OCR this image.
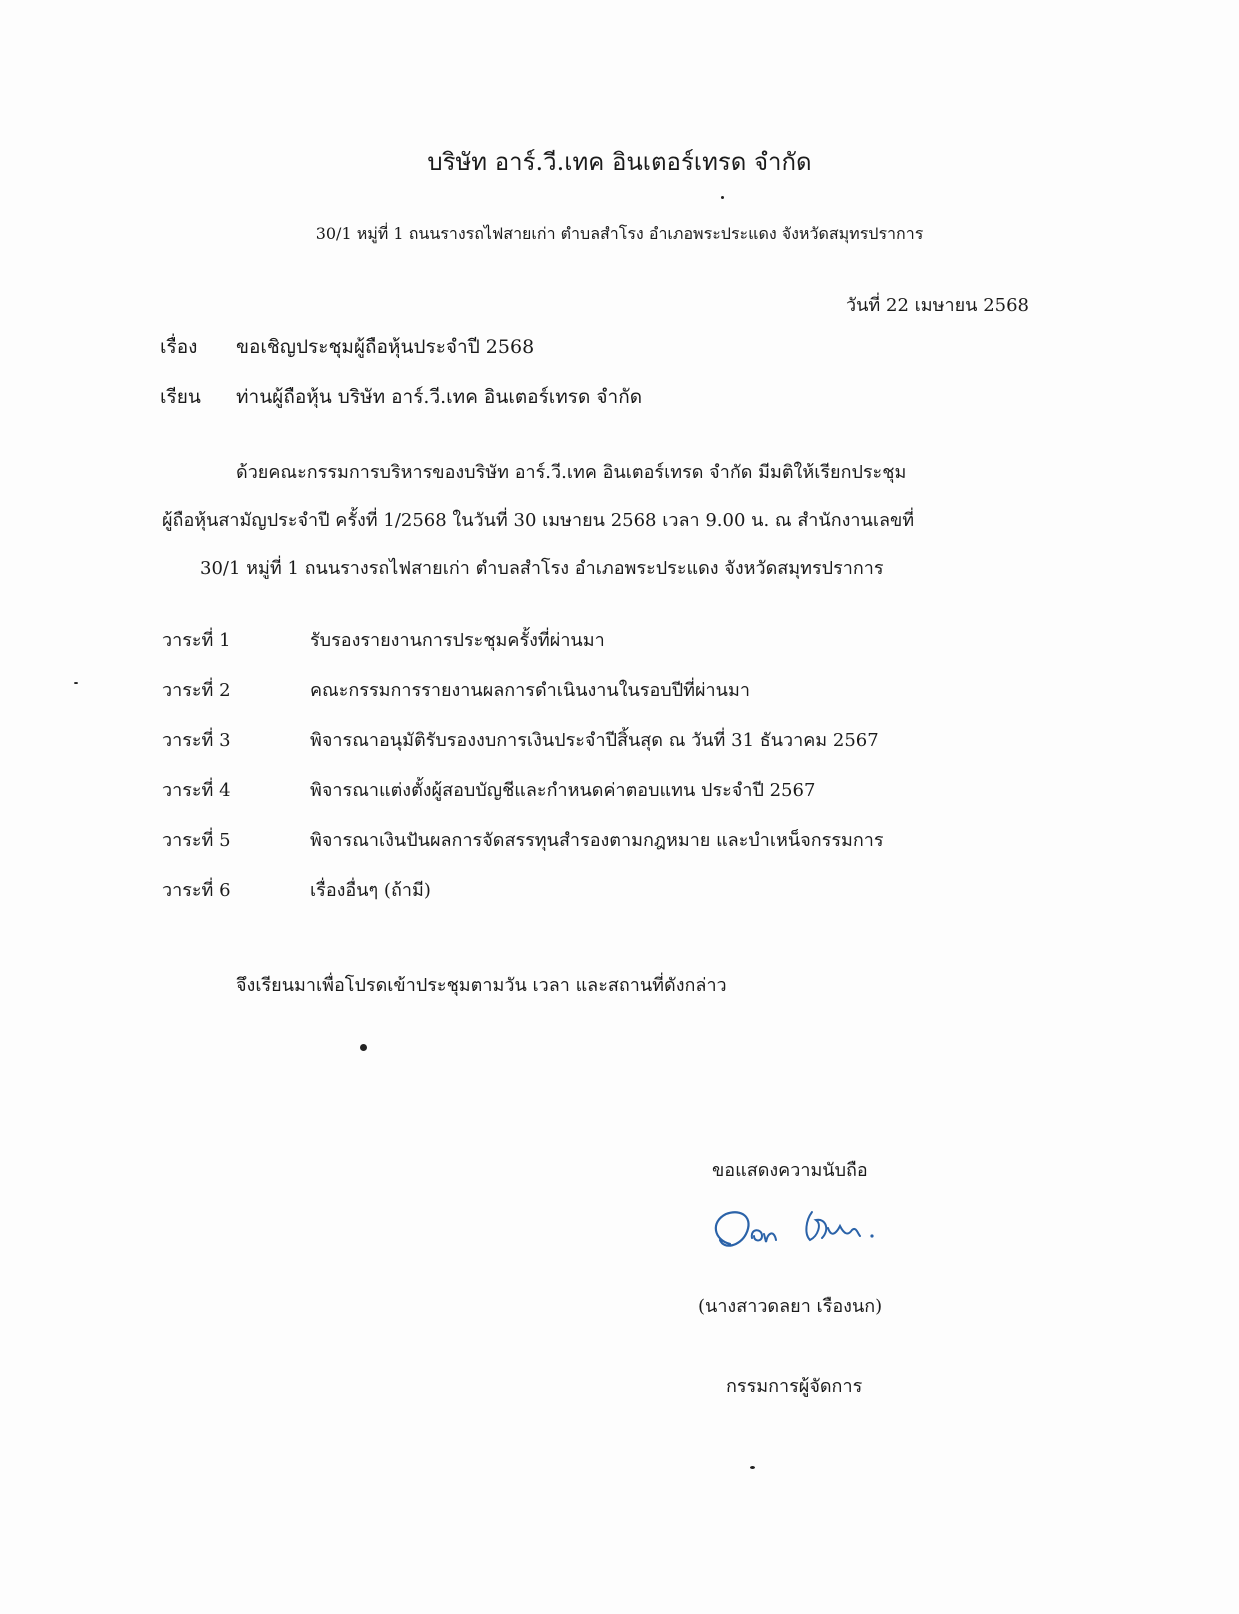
บริษัท อาร์.วี.เทค อินเตอร์เทรด จำกัด
30/1 หมู่ที่ 1 ถนนรางรถไฟสายเก่า ตำบลสำโรง อำเภอพระประแดง จังหวัดสมุทรปราการ
วันที่ 22 เมษายน 2568
เรื่อง ขอเชิญประชุมผู้ถือหุ้นประจำปี 2568
เรียน ท่านผู้ถือหุ้น บริษัท อาร์.วี.เทค อินเตอร์เทรด จำกัด
ด้วยคณะกรรมการบริหารของบริษัท อาร์.วี.เทค อินเตอร์เทรด จำกัด มีมติให้เรียกประชุม
ผู้ถือหุ้นสามัญประจำปี ครั้งที่ 1/2568 ในวันที่ 30 เมษายน 2568 เวลา 9.00 น. ณ สำนักงานเลขที่
30/1 หมู่ที่ 1 ถนนรางรถไฟสายเก่า ตำบลสำโรง อำเภอพระประแดง จังหวัดสมุทรปราการ
วาระที่ 1	รับรองรายงานการประชุมครั้งที่ผ่านมา
วาระที่ 2	คณะกรรมการรายงานผลการดำเนินงานในรอบปีที่ผ่านมา
วาระที่ 3	พิจารณาอนุมัติรับรองงบการเงินประจำปีสิ้นสุด ณ วันที่ 31 ธันวาคม 2567
วาระที่ 4	พิจารณาแต่งตั้งผู้สอบบัญชีและกำหนดค่าตอบแทน ประจำปี 2567
วาระที่ 5	พิจารณาเงินปันผลการจัดสรรทุนสำรองตามกฎหมาย และบำเหน็จกรรมการ
วาระที่ 6	เรื่องอื่นๆ (ถ้ามี)
จึงเรียนมาเพื่อโปรดเข้าประชุมตามวัน เวลา และสถานที่ดังกล่าว
ขอแสดงความนับถือ
(นางสาวดลยา เรืองนก)
กรรมการผู้จัดการ
